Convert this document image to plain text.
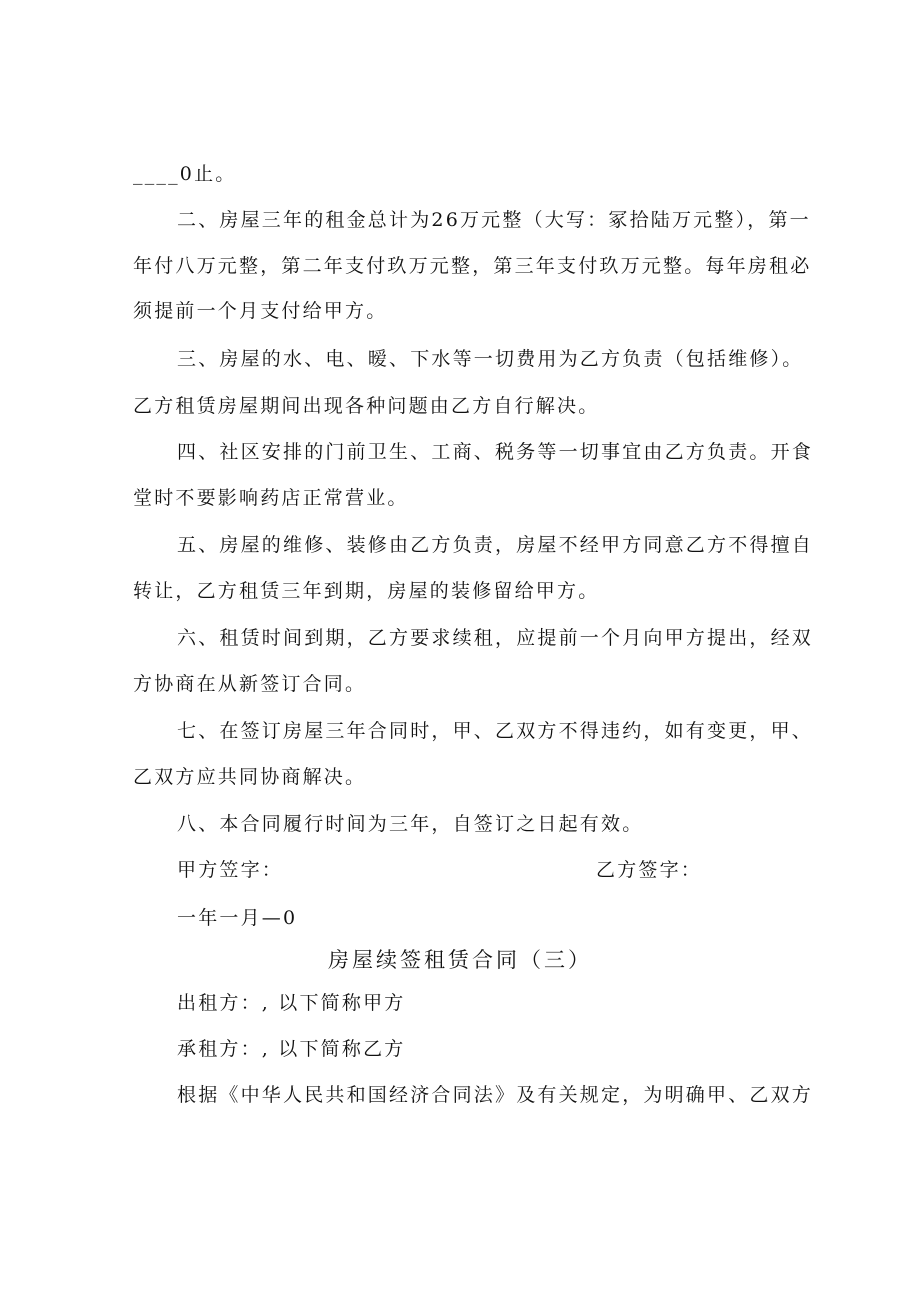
____0止。
二、房屋三年的租金总计为26万元整（大写：冢拾陆万元整），第一
年付八万元整，第二年支付玖万元整，第三年支付玖万元整。每年房租必
须提前一个月支付给甲方。
三、房屋的水、电、暧、下水等一切费用为乙方负责（包括维修）。
乙方租赁房屋期间出现各种问题由乙方自行解决。
四、社区安排的门前卫生、工商、税务等一切事宜由乙方负责。开食
堂时不要影响药店正常营业。
五、房屋的维修、装修由乙方负责，房屋不经甲方同意乙方不得擅自
转让，乙方租赁三年到期，房屋的装修留给甲方。
六、租赁时间到期，乙方要求续租，应提前一个月向甲方提出，经双
方协商在从新签订合同。
七、在签订房屋三年合同时，甲、乙双方不得违约，如有变更，甲、
乙双方应共同协商解决。
八、本合同履行时间为三年，自签订之日起有效。
甲方笠字：	乙方签字：
一年一月—0
房屋续签租赁合同（三）
出租方：, 以下简称甲方
承租方：, 以下简称乙方
根据《中华人民共和国经济合同法》及有关规定，为明确甲、乙双方
